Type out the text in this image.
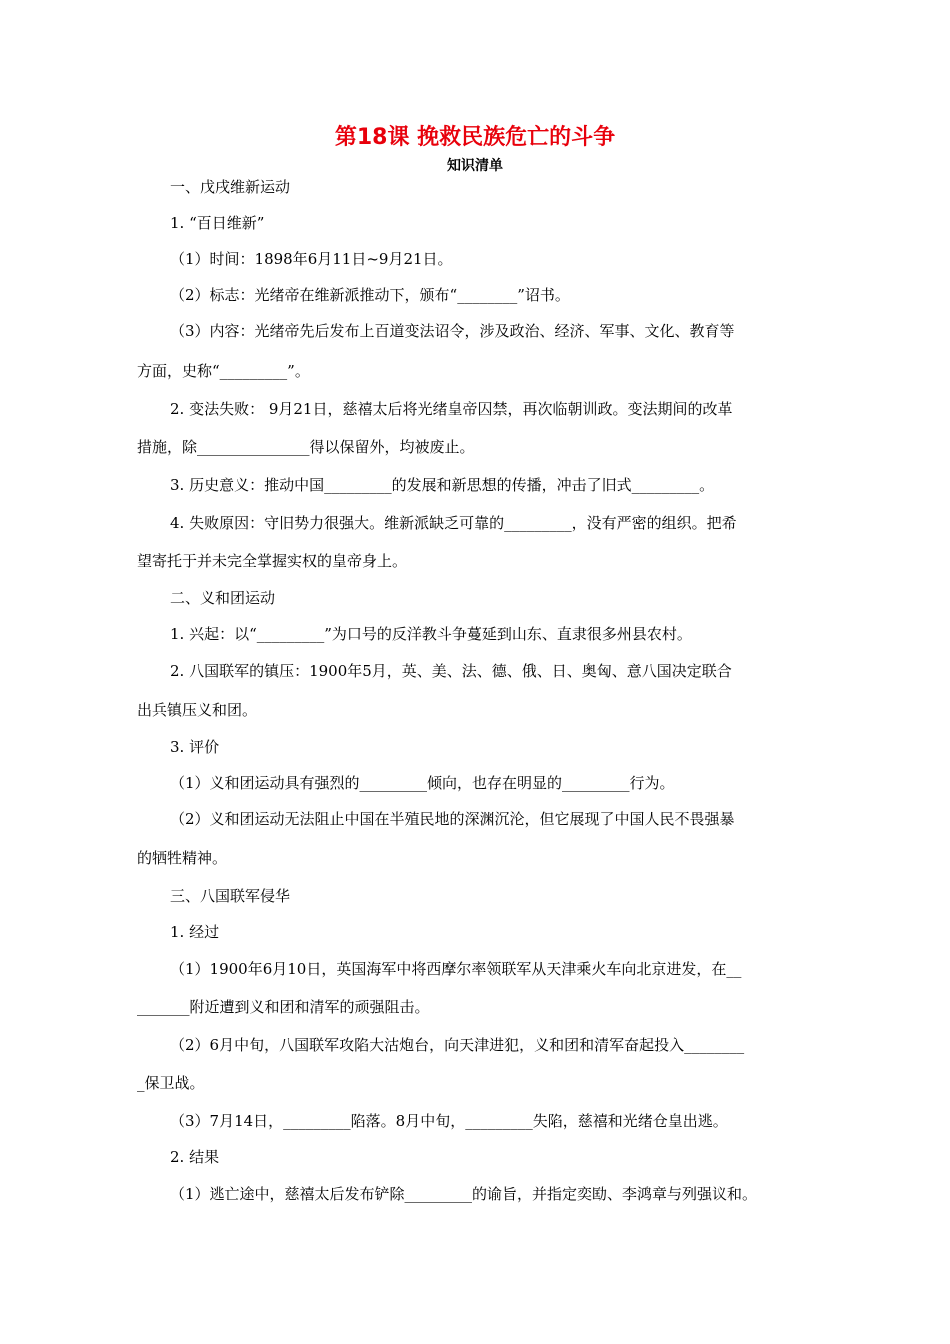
第18课 挽救民族危亡的斗争
知识清单
一、戊戌维新运动
1. “百日维新”
（1）时间：1898年6月11日~9月21日。
（2）标志：光绪帝在维新派推动下，颁布“________”诏书。
（3）内容：光绪帝先后发布上百道变法诏令，涉及政治、经济、军事、文化、教育等
方面，史称“_________”。
2. 变法失败： 9月21日，慈禧太后将光绪皇帝囚禁，再次临朝训政。变法期间的改革
措施，除_______________得以保留外，均被废止。
3. 历史意义：推动中国_________的发展和新思想的传播，冲击了旧式_________。
4. 失败原因：守旧势力很强大。维新派缺乏可靠的_________，没有严密的组织。把希
望寄托于并未完全掌握实权的皇帝身上。
二、义和团运动
1. 兴起：以“_________”为口号的反洋教斗争蔓延到山东、直隶很多州县农村。
2. 八国联军的镇压：1900年5月，英、美、法、德、俄、日、奥匈、意八国决定联合
出兵镇压义和团。
3. 评价
（1）义和团运动具有强烈的_________倾向，也存在明显的_________行为。
（2）义和团运动无法阻止中国在半殖民地的深渊沉沦，但它展现了中国人民不畏强暴
的牺牲精神。
三、八国联军侵华
1. 经过
（1）1900年6月10日，英国海军中将西摩尔率领联军从天津乘火车向北京进发，在__
_______附近遭到义和团和清军的顽强阻击。
（2）6月中旬，八国联军攻陷大沽炮台，向天津进犯，义和团和清军奋起投入________
_保卫战。
（3）7月14日，_________陷落。8月中旬，_________失陷，慈禧和光绪仓皇出逃。
2. 结果
（1）逃亡途中，慈禧太后发布铲除_________的谕旨，并指定奕劻、李鸿章与列强议和。
